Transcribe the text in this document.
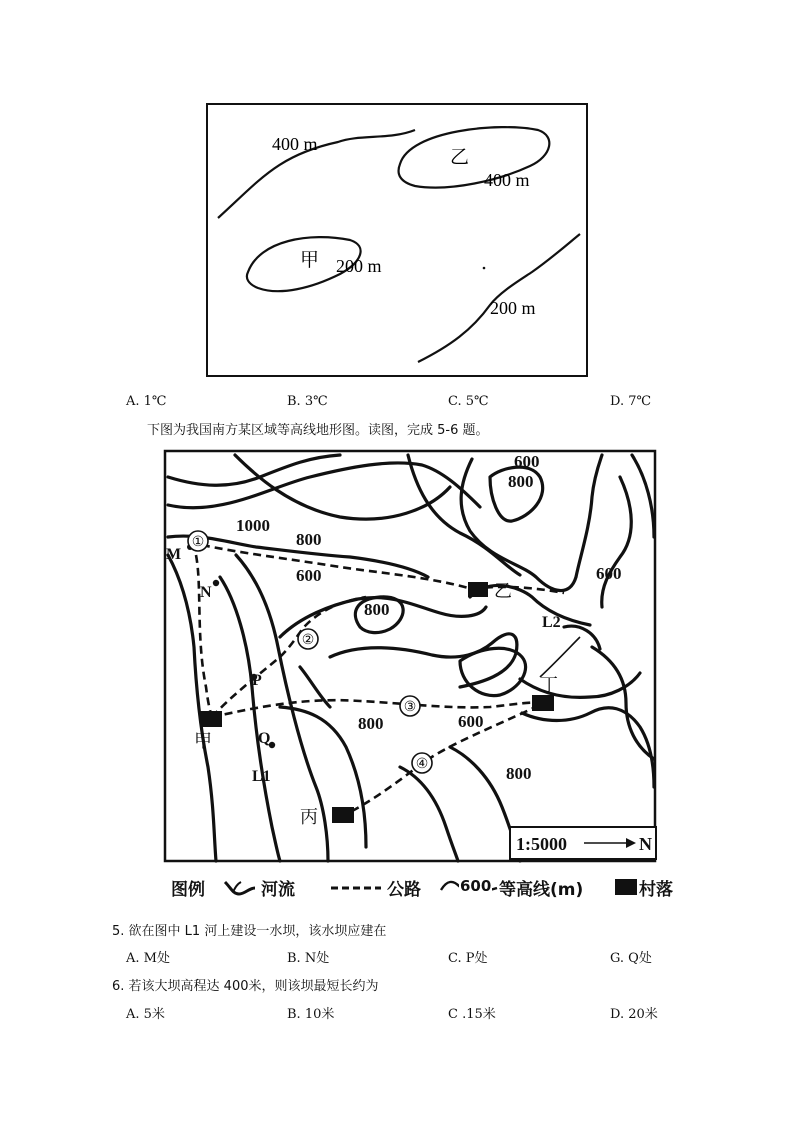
400 m
乙
400 m
甲 200 m
200 m
A. 1℃	B. 3℃	C. 5℃	D. 7℃
下图为我国南方某区域等高线地形图。读图，完成 5-6 题。
600
800
1000
800
600
800
800	600
800
600
M
N
P
Q
L1
L2
①
②
③
④
乙
丁
甲
丙
1:5000	N
图例	河流	公路	600 等高线(m)	村落
5. 欲在图中 L1 河上建设一水坝，该水坝应建在
A. M处	B. N处	C. P处	G. Q处
6. 若该大坝高程达 400米，则该坝最短长约为
A. 5米	B. 10米	C .15米	D. 20米
